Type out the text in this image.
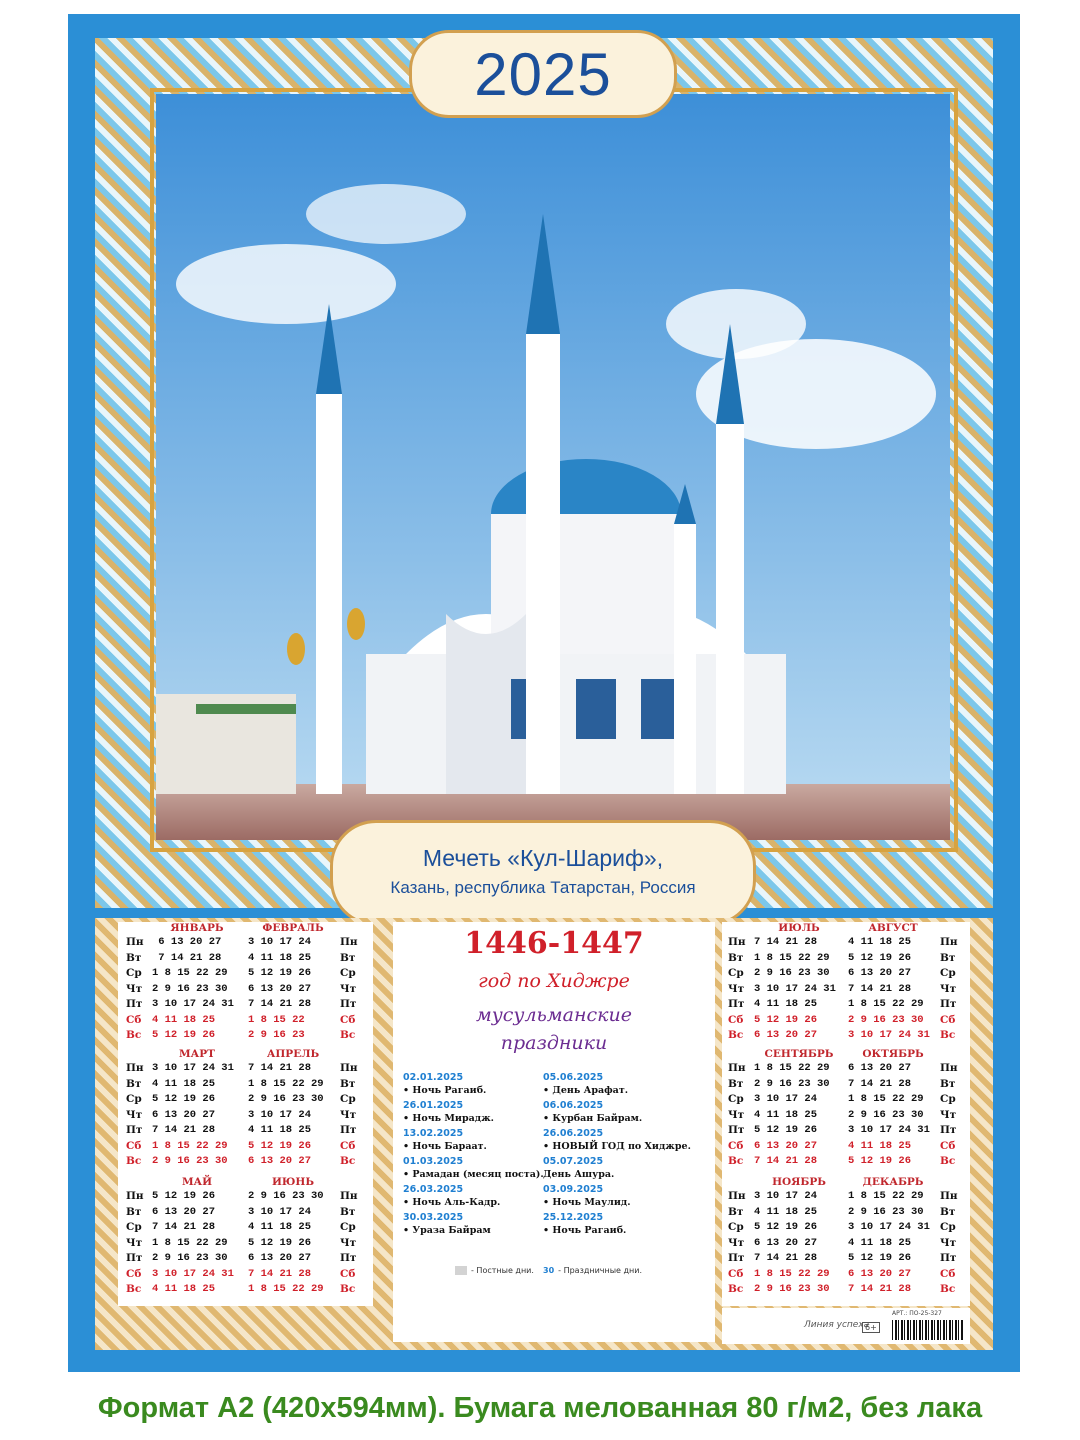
2025
Мечеть «Кул-Шариф»,
Казань, республика Татарстан, Россия
Пн
Вт
Ср
Чт
Пт
Сб
Вс
Пн
Вт
Ср
Чт
Пт
Сб
Вс
Пн
Вт
Ср
Чт
Пт
Сб
Вс
Пн
Вт
Ср
Чт
Пт
Сб
Вс
Пн
Вт
Ср
Чт
Пт
Сб
Вс
Пн
Вт
Ср
Чт
Пт
Сб
Вс
ЯНВАРЬ
6 13 20 27
7 14 21 28
1 8 15 22 29
2 9 16 23 30
3 10 17 24 31
4 11 18 25
5 12 19 26
ФЕВРАЛЬ
3 10 17 24
4 11 18 25
5 12 19 26
6 13 20 27
7 14 21 28
1 8 15 22
2 9 16 23
МАРТ
3 10 17 24 31
4 11 18 25
5 12 19 26
6 13 20 27
7 14 21 28
1 8 15 22 29
2 9 16 23 30
АПРЕЛЬ
7 14 21 28
1 8 15 22 29
2 9 16 23 30
3 10 17 24
4 11 18 25
5 12 19 26
6 13 20 27
МАЙ
5 12 19 26
6 13 20 27
7 14 21 28
1 8 15 22 29
2 9 16 23 30
3 10 17 24 31
4 11 18 25
ИЮНЬ
2 9 16 23 30
3 10 17 24
4 11 18 25
5 12 19 26
6 13 20 27
7 14 21 28
1 8 15 22 29
1446-1447
год по Хиджре
мусульманские
праздники
02.01.2025
• Ночь Рагаиб.
26.01.2025
• Ночь Мирадж.
13.02.2025
• Ночь Бараат.
01.03.2025
• Рамадан (месяц поста).
26.03.2025
• Ночь Аль-Кадр.
30.03.2025
• Ураза Байрам
05.06.2025
• День Арафат.
06.06.2025
• Курбан Байрам.
26.06.2025
• НОВЫЙ ГОД по Хиджре.
05.07.2025
День Ашура.
03.09.2025
• Ночь Маулид.
25.12.2025
• Ночь Рагаиб.
- Постные дни. 30 - Праздничные дни.
Пн
Вт
Ср
Чт
Пт
Сб
Вс
Пн
Вт
Ср
Чт
Пт
Сб
Вс
Пн
Вт
Ср
Чт
Пт
Сб
Вс
Пн
Вт
Ср
Чт
Пт
Сб
Вс
Пн
Вт
Ср
Чт
Пт
Сб
Вс
Пн
Вт
Ср
Чт
Пт
Сб
Вс
ИЮЛЬ
7 14 21 28
1 8 15 22 29
2 9 16 23 30
3 10 17 24 31
4 11 18 25
5 12 19 26
6 13 20 27
АВГУСТ
4 11 18 25
5 12 19 26
6 13 20 27
7 14 21 28
1 8 15 22 29
2 9 16 23 30
3 10 17 24 31
СЕНТЯБРЬ
1 8 15 22 29
2 9 16 23 30
3 10 17 24
4 11 18 25
5 12 19 26
6 13 20 27
7 14 21 28
ОКТЯБРЬ
6 13 20 27
7 14 21 28
1 8 15 22 29
2 9 16 23 30
3 10 17 24 31
4 11 18 25
5 12 19 26
НОЯБРЬ
3 10 17 24
4 11 18 25
5 12 19 26
6 13 20 27
7 14 21 28
1 8 15 22 29
2 9 16 23 30
ДЕКАБРЬ
1 8 15 22 29
2 9 16 23 30
3 10 17 24 31
4 11 18 25
5 12 19 26
6 13 20 27
7 14 21 28
Линия успеха
6+
АРТ.: ПО-25-327
Формат А2 (420х594мм). Бумага мелованная 80 г/м2, без лака
